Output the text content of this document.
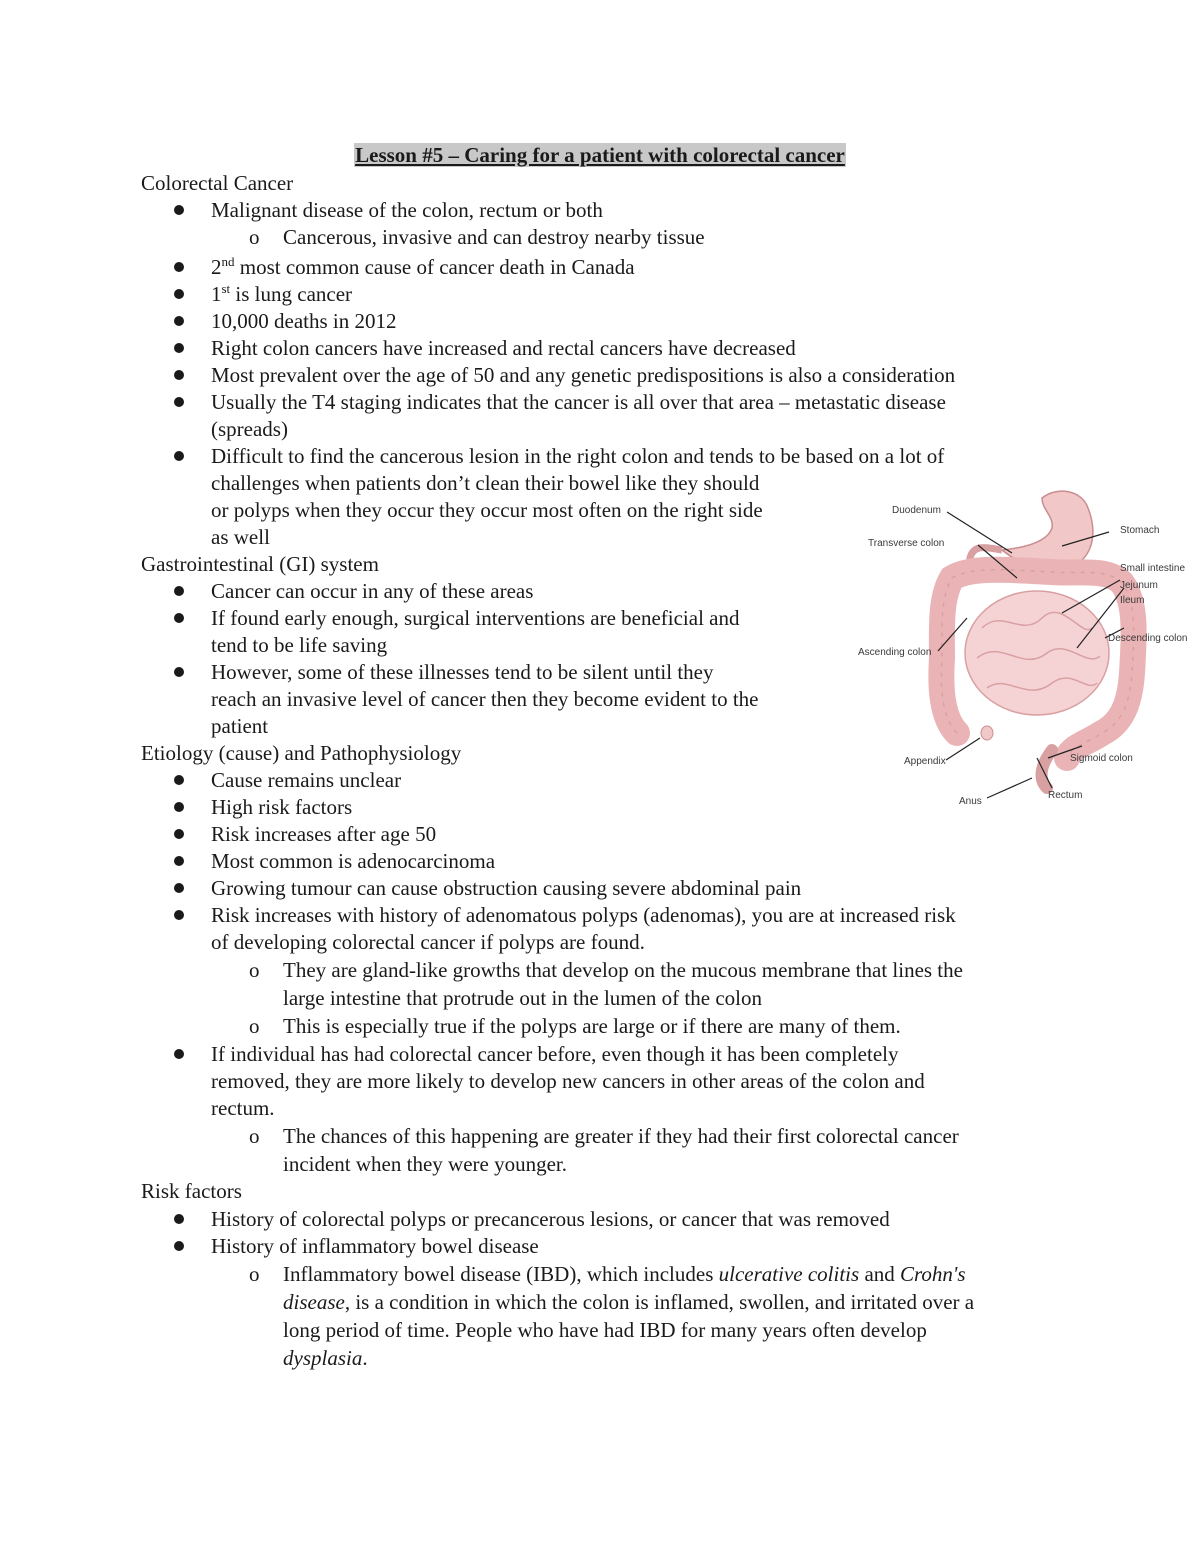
Lesson #5 – Caring for a patient with colorectal cancer
Colorectal Cancer
Malignant disease of the colon, rectum or both
o Cancerous, invasive and can destroy nearby tissue
2nd most common cause of cancer death in Canada
1st is lung cancer
10,000 deaths in 2012
Right colon cancers have increased and rectal cancers have decreased
Most prevalent over the age of 50 and any genetic predispositions is also a consideration
Usually the T4 staging indicates that the cancer is all over that area – metastatic disease
(spreads)
Difficult to find the cancerous lesion in the right colon and tends to be based on a lot of
challenges when patients don’t clean their bowel like they should
or polyps when they occur they occur most often on the right side
as well
Gastrointestinal (GI) system
Cancer can occur in any of these areas
If found early enough, surgical interventions are beneficial and
tend to be life saving
However, some of these illnesses tend to be silent until they
reach an invasive level of cancer then they become evident to the
patient
Etiology (cause) and Pathophysiology
Cause remains unclear
High risk factors
Risk increases after age 50
Most common is adenocarcinoma
Growing tumour can cause obstruction causing severe abdominal pain
Risk increases with history of adenomatous polyps (adenomas), you are at increased risk
of developing colorectal cancer if polyps are found.
o They are gland-like growths that develop on the mucous membrane that lines the
large intestine that protrude out in the lumen of the colon
o This is especially true if the polyps are large or if there are many of them.
If individual has had colorectal cancer before, even though it has been completely
removed, they are more likely to develop new cancers in other areas of the colon and
rectum.
o The chances of this happening are greater if they had their first colorectal cancer
incident when they were younger.
Risk factors
History of colorectal polyps or precancerous lesions, or cancer that was removed
History of inflammatory bowel disease
o Inflammatory bowel disease (IBD), which includes ulcerative colitis and Crohn's
disease, is a condition in which the colon is inflamed, swollen, and irritated over a
long period of time. People who have had IBD for many years often develop
dysplasia.
Duodenum
Transverse colon
Stomach
Small intestine
Jejunum
Ileum
Ascending colon
Descending colon
Appendix	Sigmoid colon
Anus
Rectum
